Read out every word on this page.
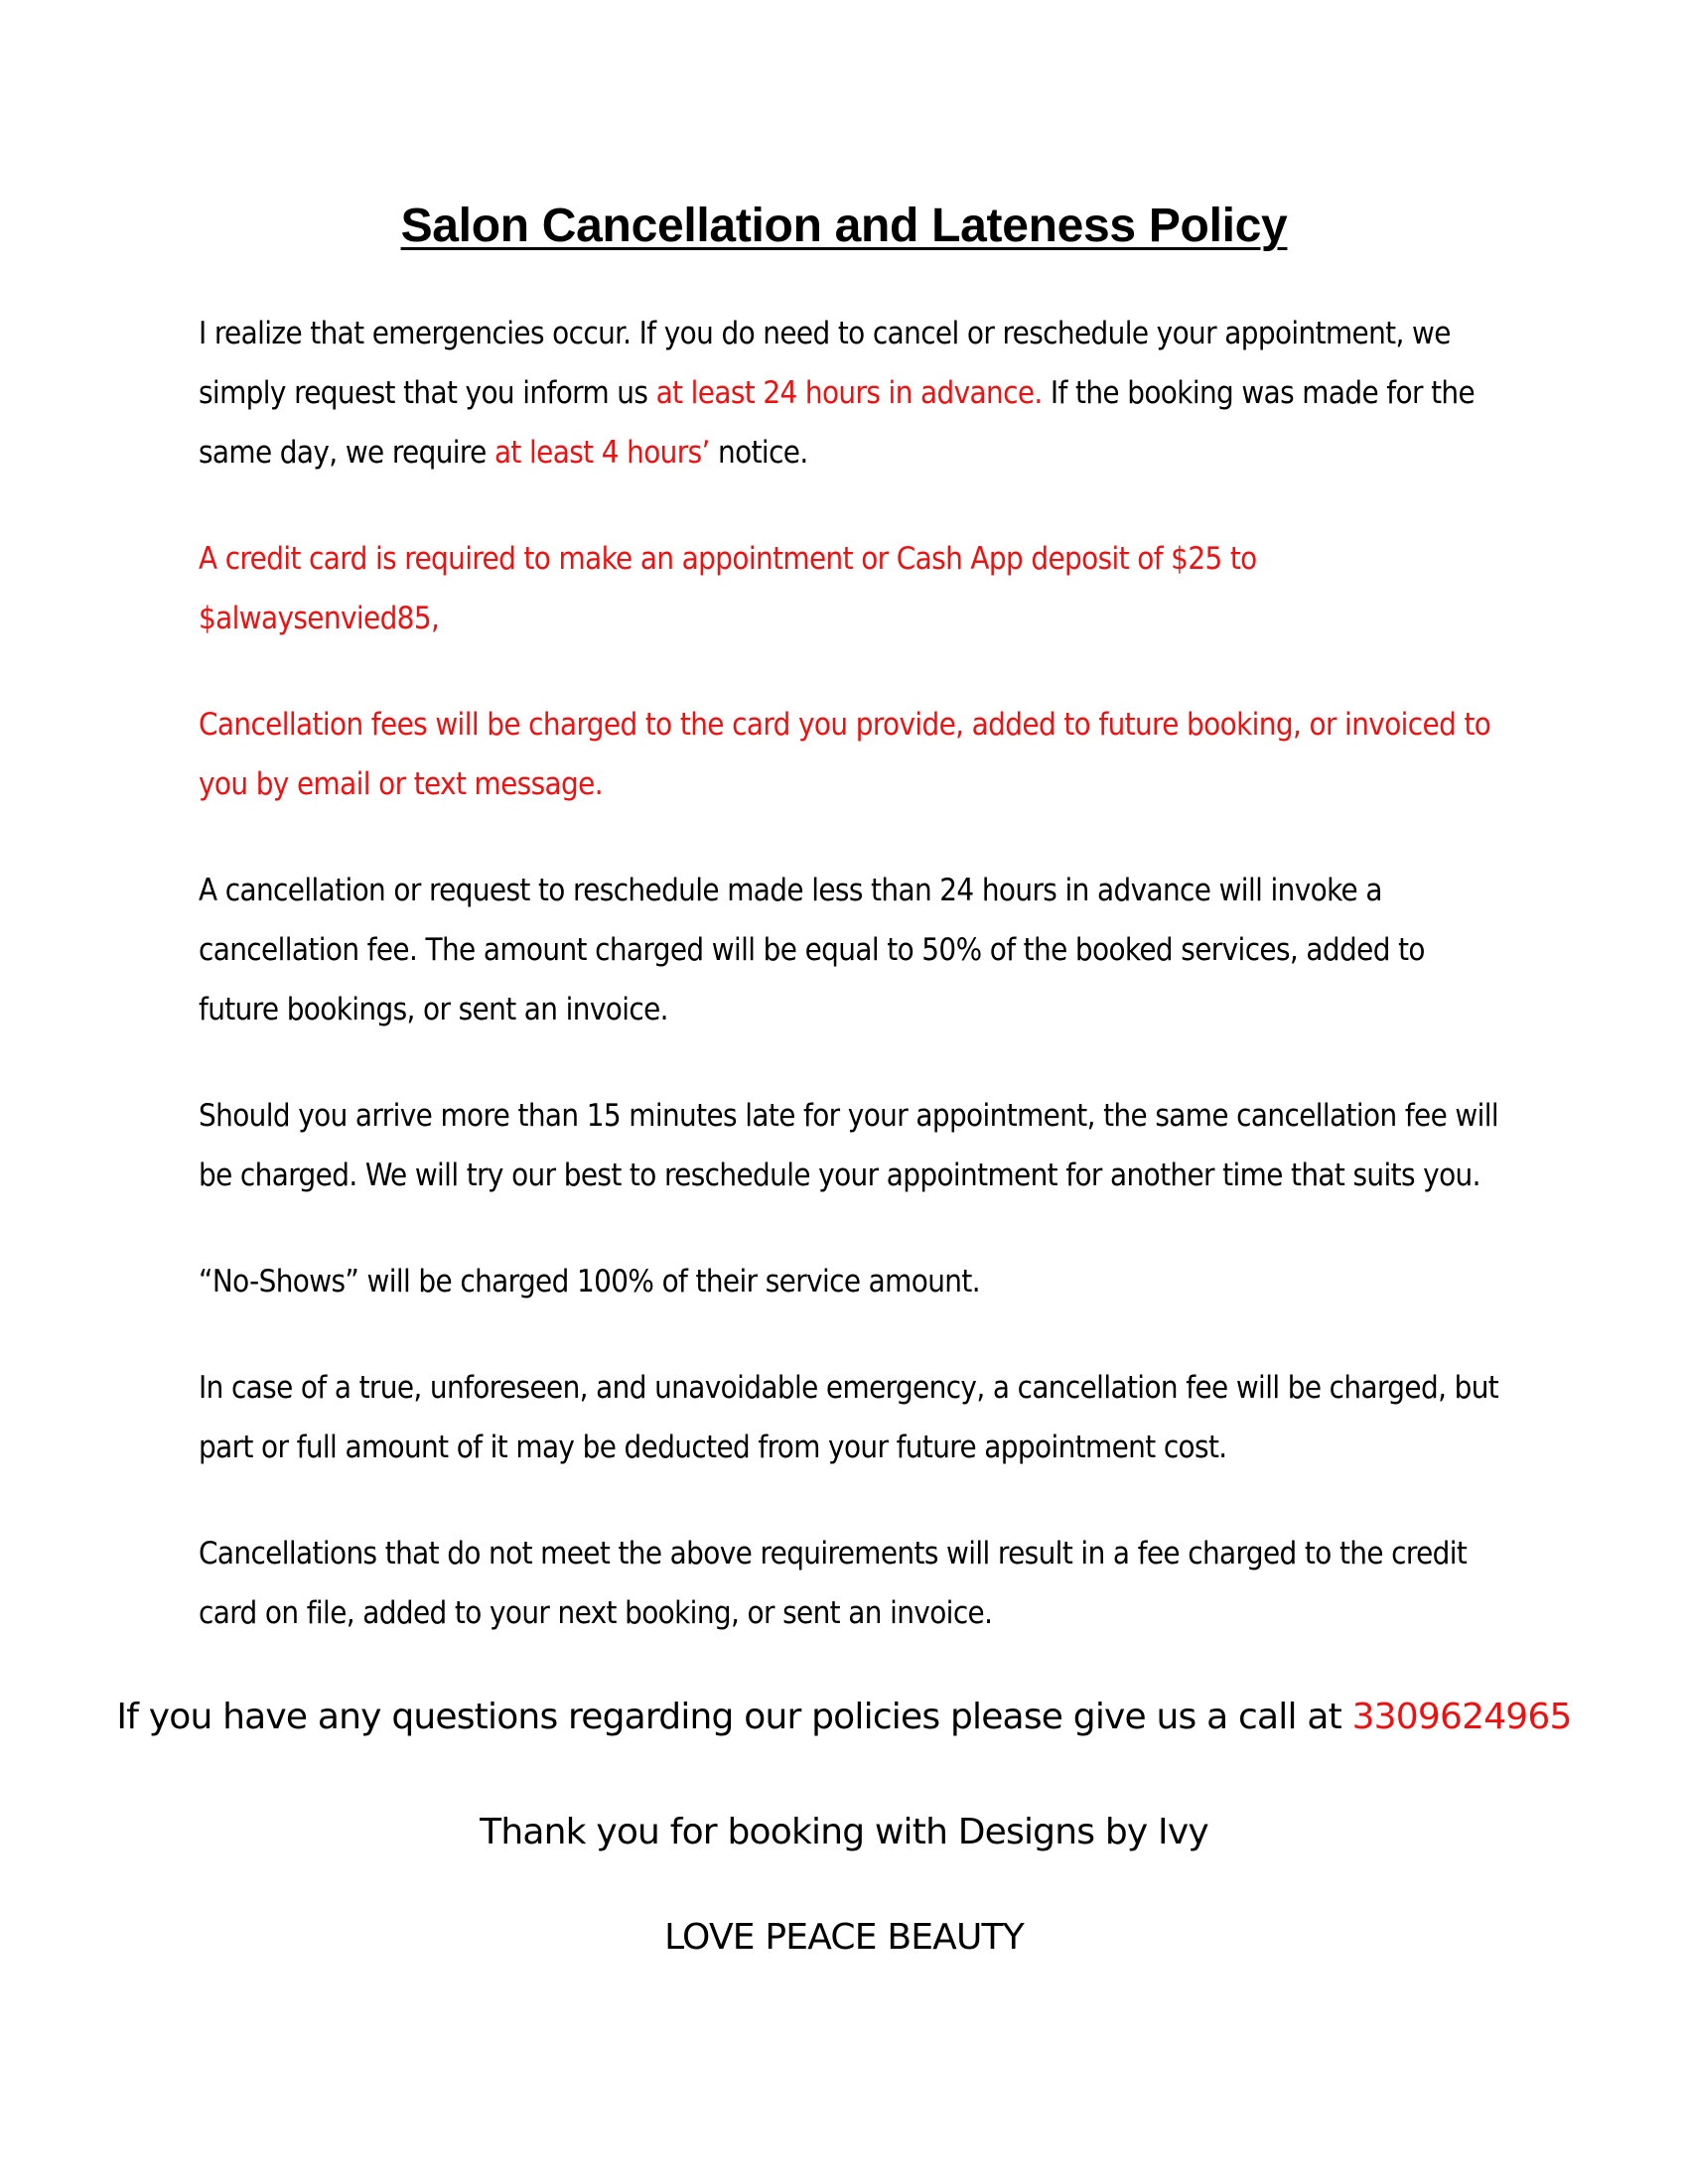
Salon Cancellation and Lateness Policy

I realize that emergencies occur. If you do need to cancel or reschedule your appointment, we simply request that you inform us at least 24 hours in advance. If the booking was made for the same day, we require at least 4 hours’ notice.

A credit card is required to make an appointment or Cash App deposit of $25 to $alwaysenvied85,

Cancellation fees will be charged to the card you provide, added to future booking, or invoiced to you by email or text message.

A cancellation or request to reschedule made less than 24 hours in advance will invoke a cancellation fee. The amount charged will be equal to 50% of the booked services, added to future bookings, or sent an invoice.

Should you arrive more than 15 minutes late for your appointment, the same cancellation fee will be charged. We will try our best to reschedule your appointment for another time that suits you.

“No-Shows” will be charged 100% of their service amount.

In case of a true, unforeseen, and unavoidable emergency, a cancellation fee will be charged, but part or full amount of it may be deducted from your future appointment cost.

Cancellations that do not meet the above requirements will result in a fee charged to the credit card on file, added to your next booking, or sent an invoice.

If you have any questions regarding our policies please give us a call at 3309624965
Thank you for booking with Designs by Ivy
LOVE PEACE BEAUTY
